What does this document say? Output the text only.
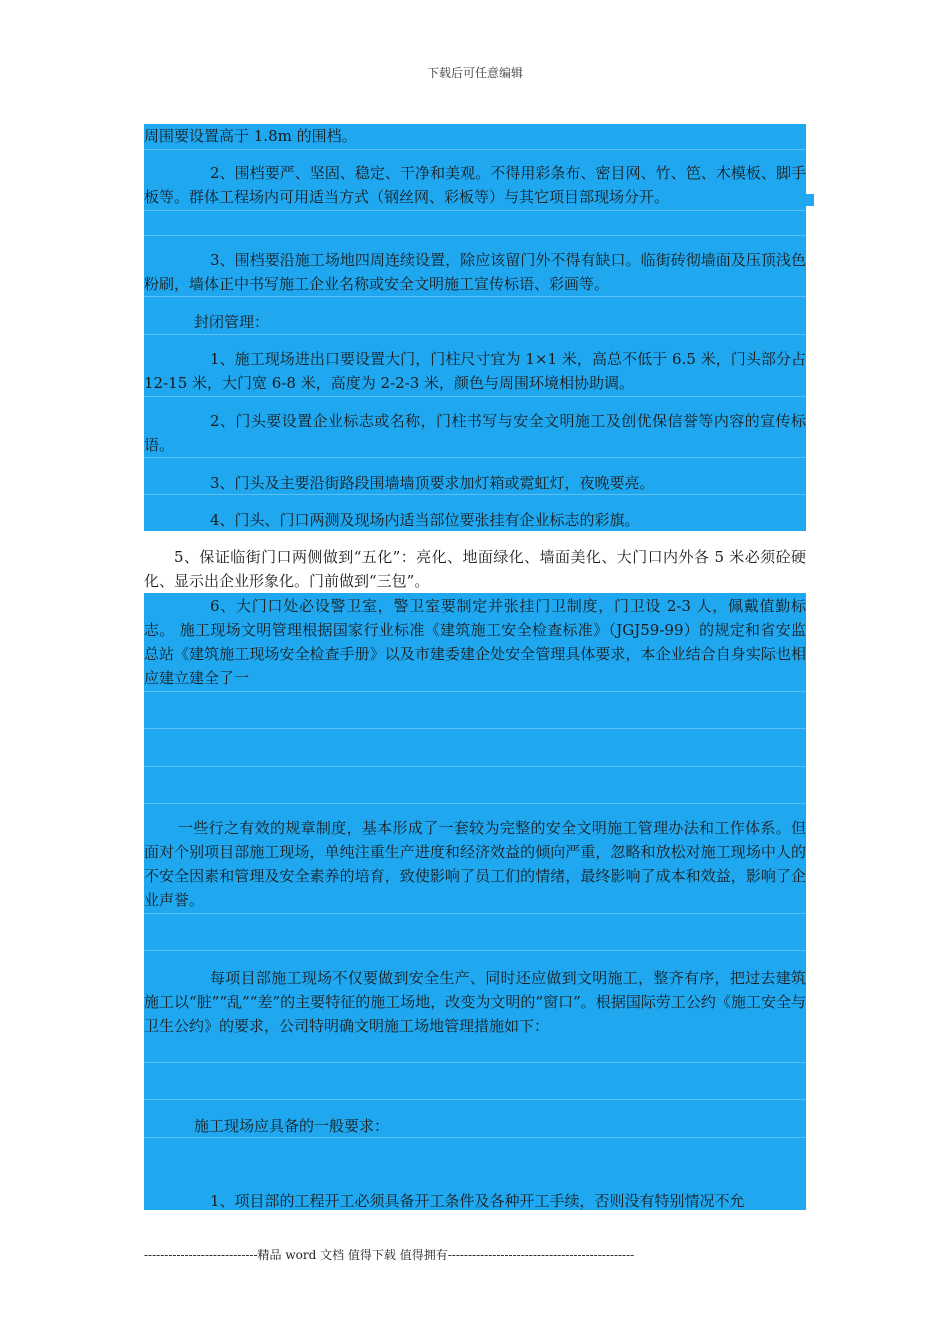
下载后可任意编辑

周围要设置高于 1.8m 的围档。

2、围档要严、坚固、稳定、干净和美观。不得用彩条布、密目网、竹、笆、木模板、脚手板等。群体工程场内可用适当方式（钢丝网、彩板等）与其它项目部现场分开。

3、围档要沿施工场地四周连续设置，除应该留门外不得有缺口。临街砖彻墙面及压顶浅色粉刷，墙体正中书写施工企业名称或安全文明施工宣传标语、彩画等。

封闭管理：

1、施工现场进出口要设置大门，门柱尺寸宜为 1×1 米，高总不低于 6.5 米，门头部分占 12-15 米，大门宽 6-8 米，高度为 2-2-3 米，颜色与周围环境相协助调。

2、门头要设置企业标志或名称，门柱书写与安全文明施工及创优保信誉等内容的宣传标语。

3、门头及主要沿街路段围墙墙顶要求加灯箱或霓虹灯，夜晚要亮。

4、门头、门口两测及现场内适当部位要张挂有企业标志的彩旗。

5、保证临街门口两侧做到“五化”：亮化、地面绿化、墙面美化、大门口内外各 5 米必须砼硬化、显示出企业形象化。门前做到“三包”。

6、大门口处必设警卫室，警卫室要制定并张挂门卫制度，门卫设 2-3 人，佩戴值勤标志。 施工现场文明管理根据国家行业标准《建筑施工安全检查标准》（JGJ59-99）的规定和省安监总站《建筑施工现场安全检查手册》以及市建委建企处安全管理具体要求，本企业结合自身实际也相应建立建全了一

一些行之有效的规章制度，基本形成了一套较为完整的安全文明施工管理办法和工作体系。但面对个别项目部施工现场，单纯注重生产进度和经济效益的倾向严重，忽略和放松对施工现场中人的不安全因素和管理及安全素养的培育，致使影响了员工们的情绪，最终影响了成本和效益，影响了企业声誉。

每项目部施工现场不仅要做到安全生产、同时还应做到文明施工，整齐有序，把过去建筑施工以“脏”“乱”“差”的主要特征的施工场地，改变为文明的“窗口”。根据国际劳工公约《施工安全与卫生公约》的要求，公司特明确文明施工场地管理措施如下：

施工现场应具备的一般要求：

1、项目部的工程开工必须具备开工条件及各种开工手续，否则没有特别情况不允

----------------------------精品 word 文档 值得下载 值得拥有----------------------------------------------
